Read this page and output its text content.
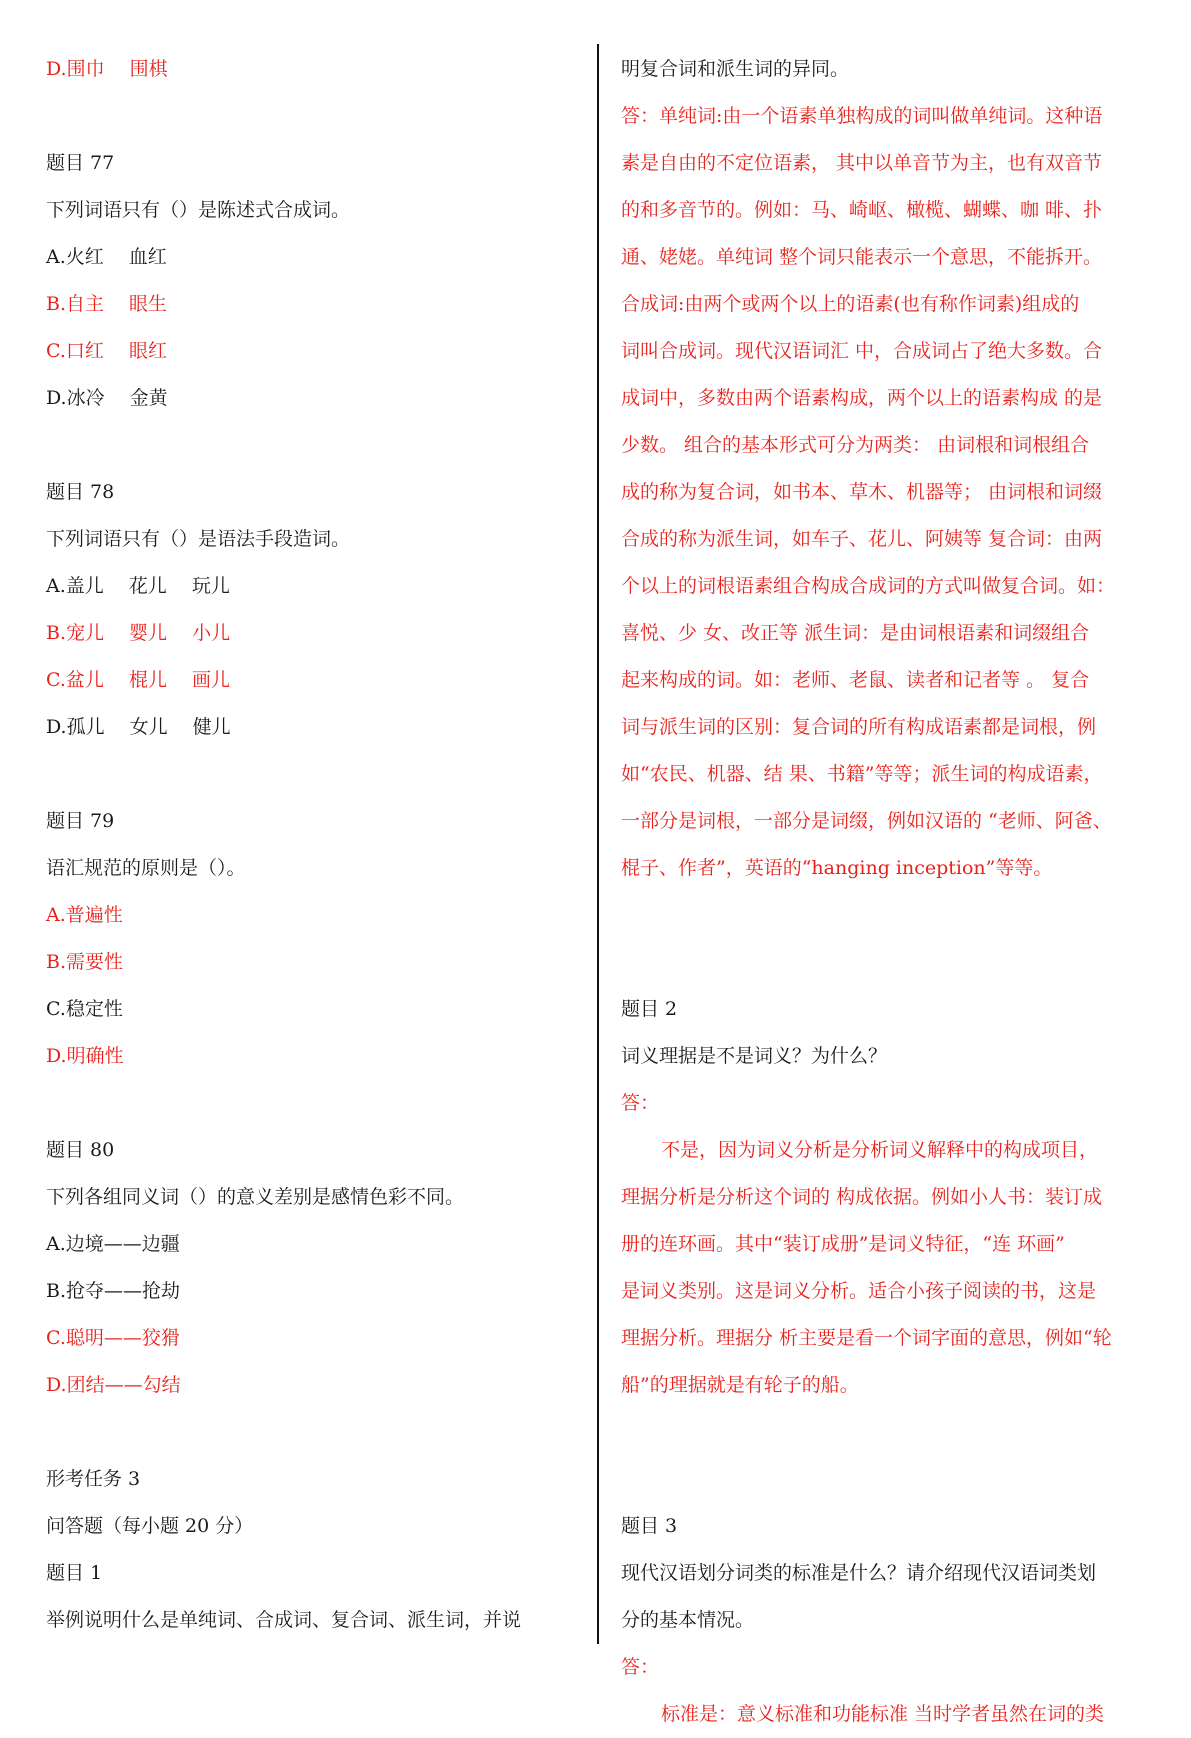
D.围巾　 围棋
题目 77
下列词语只有（）是陈述式合成词。
A.火红　 血红
B.自主　 眼生
C.口红　 眼红
D.冰冷　 金黄
题目 78
下列词语只有（）是语法手段造词。
A.盖儿　 花儿　 玩儿
B.宠儿　 婴儿　 小儿
C.盆儿　 棍儿　 画儿
D.孤儿　 女儿　 健儿
题目 79
语汇规范的原则是（）。
A.普遍性
B.需要性
C.稳定性
D.明确性
题目 80
下列各组同义词（）的意义差别是感情色彩不同。
A.边境——边疆
B.抢夺——抢劫
C.聪明——狡猾
D.团结——勾结
形考任务 3
问答题（每小题 20 分）
题目 1
举例说明什么是单纯词、合成词、复合词、派生词，并说
明复合词和派生词的异同。
答：单纯词:由一个语素单独构成的词叫做单纯词。这种语
素是自由的不定位语素， 其中以单音节为主，也有双音节
的和多音节的。例如：马、崎岖、橄榄、蝴蝶、咖 啡、扑
通、姥姥。单纯词 整个词只能表示一个意思，不能拆开。
合成词:由两个或两个以上的语素(也有称作词素)组成的
词叫合成词。现代汉语词汇 中，合成词占了绝大多数。合
成词中，多数由两个语素构成，两个以上的语素构成 的是
少数。 组合的基本形式可分为两类： 由词根和词根组合
成的称为复合词，如书本、草木、机器等； 由词根和词缀
合成的称为派生词，如车子、花儿、阿姨等 复合词：由两
个以上的词根语素组合构成合成词的方式叫做复合词。如：
喜悦、少 女、改正等 派生词：是由词根语素和词缀组合
起来构成的词。如：老师、老鼠、读者和记者等 。 复合
词与派生词的区别：复合词的所有构成语素都是词根，例
如“农民、机器、结 果、书籍”等等；派生词的构成语素，
一部分是词根，一部分是词缀，例如汉语的 “老师、阿爸、
棍子、作者”，英语的“hanging inception”等等。
题目 2
词义理据是不是词义？为什么？
答：
不是，因为词义分析是分析词义解释中的构成项目，
理据分析是分析这个词的 构成依据。例如小人书：装订成
册的连环画。其中“装订成册”是词义特征，“连 环画”
是词义类别。这是词义分析。适合小孩子阅读的书，这是
理据分析。理据分 析主要是看一个词字面的意思，例如“轮
船”的理据就是有轮子的船。
题目 3
现代汉语划分词类的标准是什么？请介绍现代汉语词类划
分的基本情况。
答：
标准是：意义标准和功能标准 当时学者虽然在词的类
